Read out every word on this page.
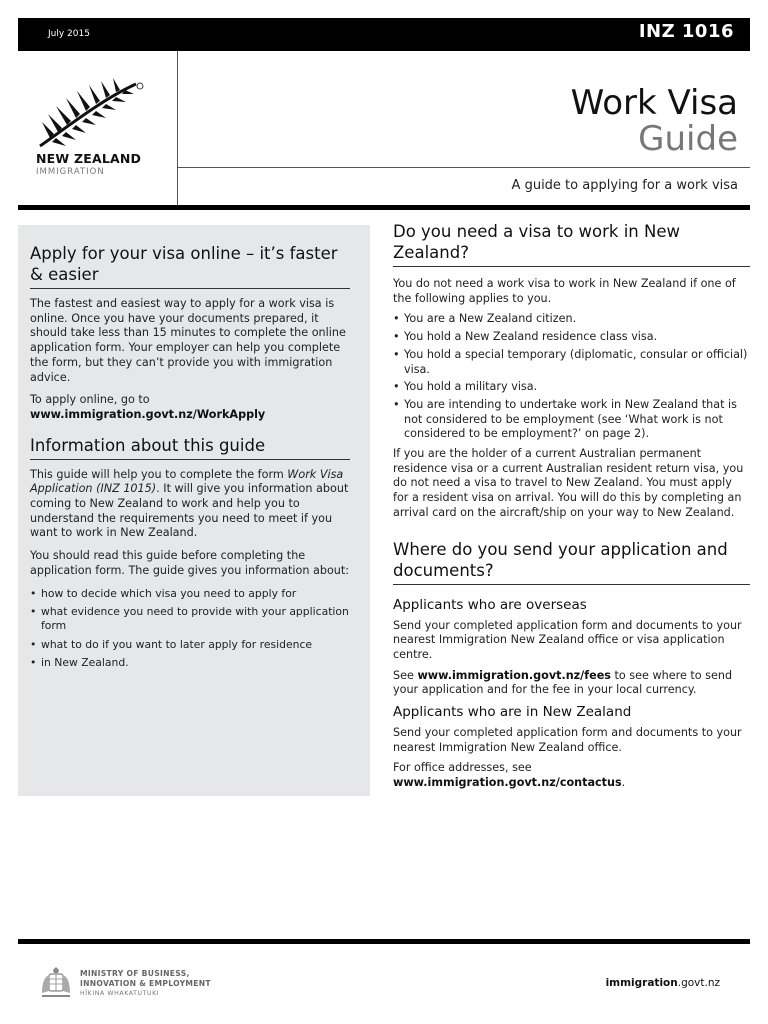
July 2015	INZ 1016
NEW ZEALAND
IMMIGRATION
Work Visa
Guide
A guide to applying for a work visa
Apply for your visa online – it’s faster & easier

The fastest and easiest way to apply for a work visa is online. Once you have your documents prepared, it should take less than 15 minutes to complete the online application form. Your employer can help you complete the form, but they can’t provide you with immigration advice.

To apply online, go to www.immigration.govt.nz/WorkApply

Information about this guide

This guide will help you to complete the form Work Visa Application (INZ 1015). It will give you information about coming to New Zealand to work and help you to understand the requirements you need to meet if you want to work in New Zealand.

You should read this guide before completing the application form. The guide gives you information about:

• how to decide which visa you need to apply for
• what evidence you need to provide with your application form
• what to do if you want to later apply for residence
• in New Zealand.
Do you need a visa to work in New Zealand?

You do not need a work visa to work in New Zealand if one of the following applies to you.

• You are a New Zealand citizen.
• You hold a New Zealand residence class visa.
• You hold a special temporary (diplomatic, consular or official) visa.
• You hold a military visa.
• You are intending to undertake work in New Zealand that is not considered to be employment (see ‘What work is not considered to be employment?’ on page 2).

If you are the holder of a current Australian permanent residence visa or a current Australian resident return visa, you do not need a visa to travel to New Zealand. You must apply for a resident visa on arrival. You will do this by completing an arrival card on the aircraft/ship on your way to New Zealand.

Where do you send your application and documents?
Applicants who are overseas

Send your completed application form and documents to your nearest Immigration New Zealand office or visa application centre.

See www.immigration.govt.nz/fees to see where to send your application and for the fee in your local currency.

Applicants who are in New Zealand

Send your completed application form and documents to your nearest Immigration New Zealand office.

For office addresses, see
www.immigration.govt.nz/contactus.

MINISTRY OF BUSINESS,
INNOVATION & EMPLOYMENT
HĪKINA WHAKATUTUKI
immigration.govt.nz
